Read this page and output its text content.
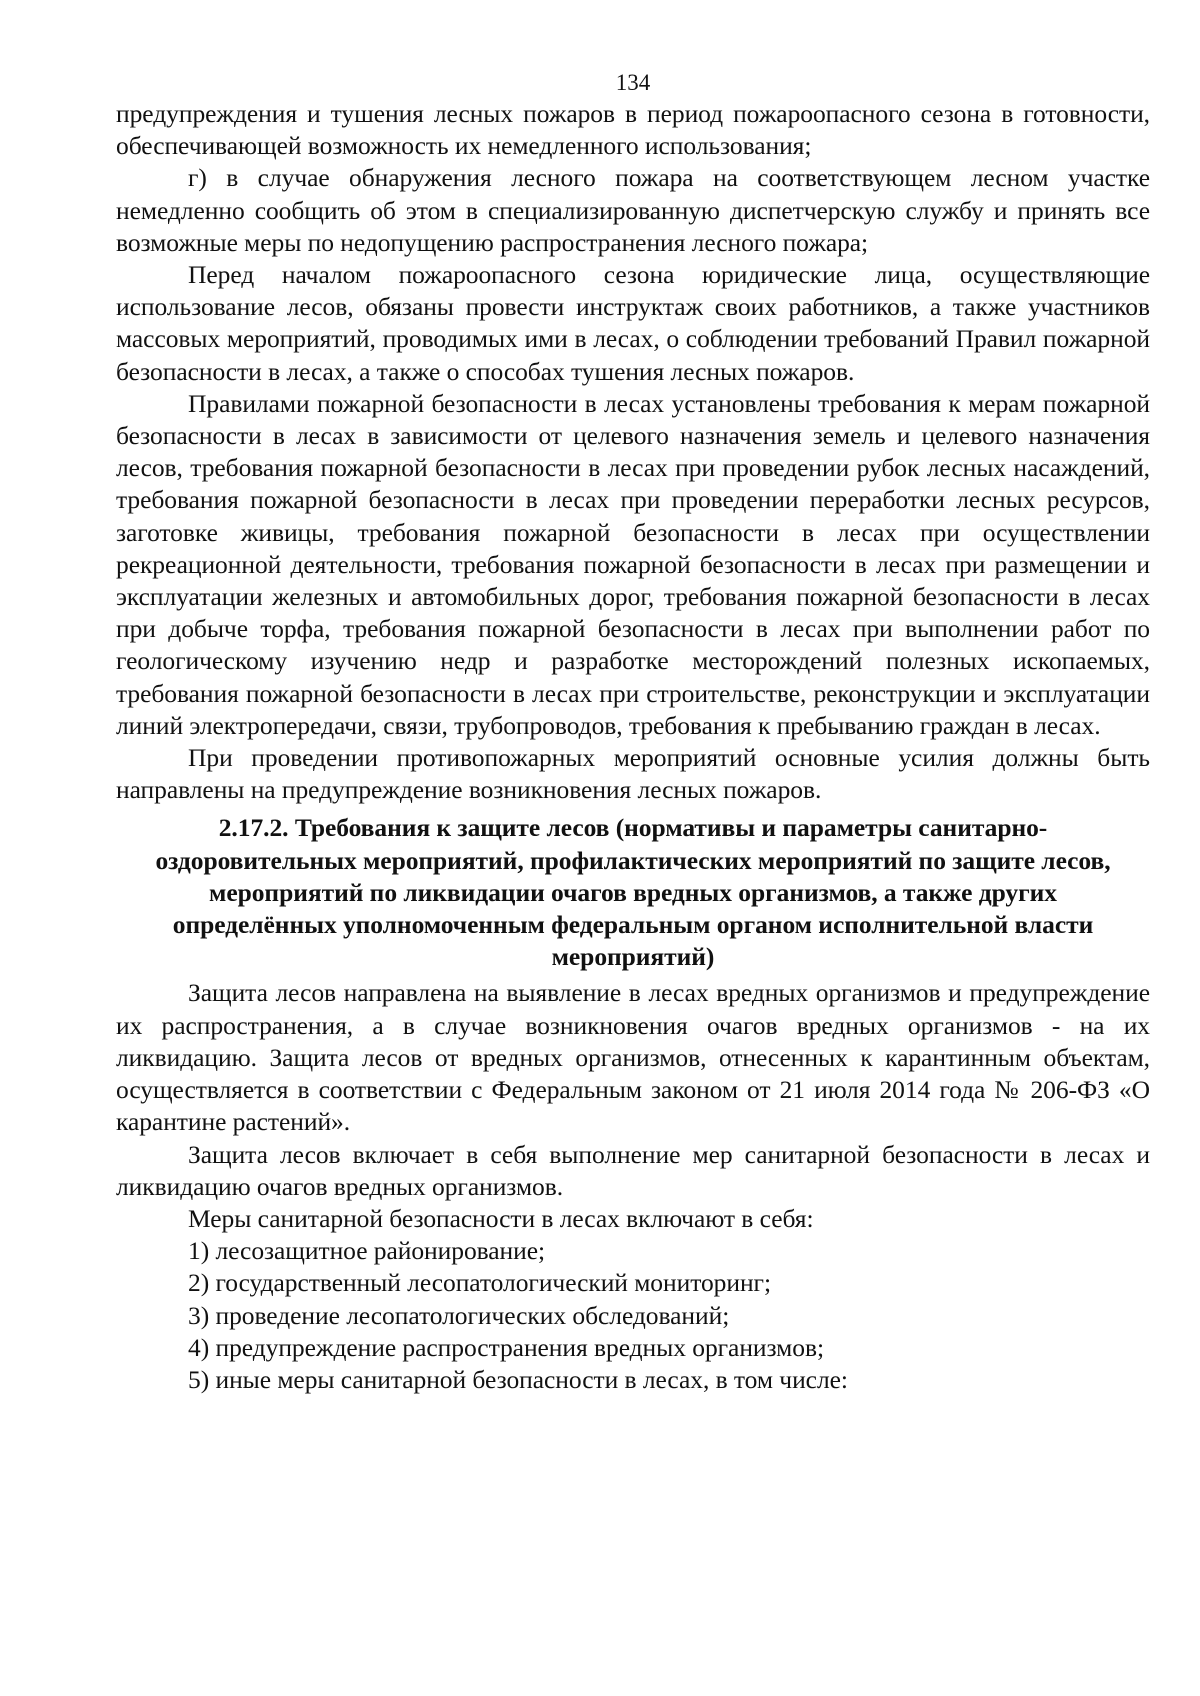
134

предупреждения и тушения лесных пожаров в период пожароопасного сезона в готовности, обеспечивающей возможность их немедленного использования;

г) в случае обнаружения лесного пожара на соответствующем лесном участке немедленно сообщить об этом в специализированную диспетчерскую службу и принять все возможные меры по недопущению распространения лесного пожара;

Перед началом пожароопасного сезона юридические лица, осуществляющие использование лесов, обязаны провести инструктаж своих работников, а также участников массовых мероприятий, проводимых ими в лесах, о соблюдении требований Правил пожарной безопасности в лесах, а также о способах тушения лесных пожаров.

Правилами пожарной безопасности в лесах установлены требования к мерам пожарной безопасности в лесах в зависимости от целевого назначения земель и целевого назначения лесов, требования пожарной безопасности в лесах при проведении рубок лесных насаждений, требования пожарной безопасности в лесах при проведении переработки лесных ресурсов, заготовке живицы, требования пожарной безопасности в лесах при осуществлении рекреационной деятельности, требования пожарной безопасности в лесах при размещении и эксплуатации железных и автомобильных дорог, требования пожарной безопасности в лесах при добыче торфа, требования пожарной безопасности в лесах при выполнении работ по геологическому изучению недр и разработке месторождений полезных ископаемых, требования пожарной безопасности в лесах при строительстве, реконструкции и эксплуатации линий электропередачи, связи, трубопроводов, требования к пребыванию граждан в лесах.

При проведении противопожарных мероприятий основные усилия должны быть направлены на предупреждение возникновения лесных пожаров.

2.17.2. Требования к защите лесов (нормативы и параметры санитарно-оздоровительных мероприятий, профилактических мероприятий по защите лесов, мероприятий по ликвидации очагов вредных организмов, а также других определённых уполномоченным федеральным органом исполнительной власти мероприятий)

Защита лесов направлена на выявление в лесах вредных организмов и предупреждение их распространения, а в случае возникновения очагов вредных организмов - на их ликвидацию. Защита лесов от вредных организмов, отнесенных к карантинным объектам, осуществляется в соответствии с Федеральным законом от 21 июля 2014 года № 206-ФЗ «О карантине растений».

Защита лесов включает в себя выполнение мер санитарной безопасности в лесах и ликвидацию очагов вредных организмов.

Меры санитарной безопасности в лесах включают в себя:

1) лесозащитное районирование;

2) государственный лесопатологический мониторинг;

3) проведение лесопатологических обследований;

4) предупреждение распространения вредных организмов;

5) иные меры санитарной безопасности в лесах, в том числе:
